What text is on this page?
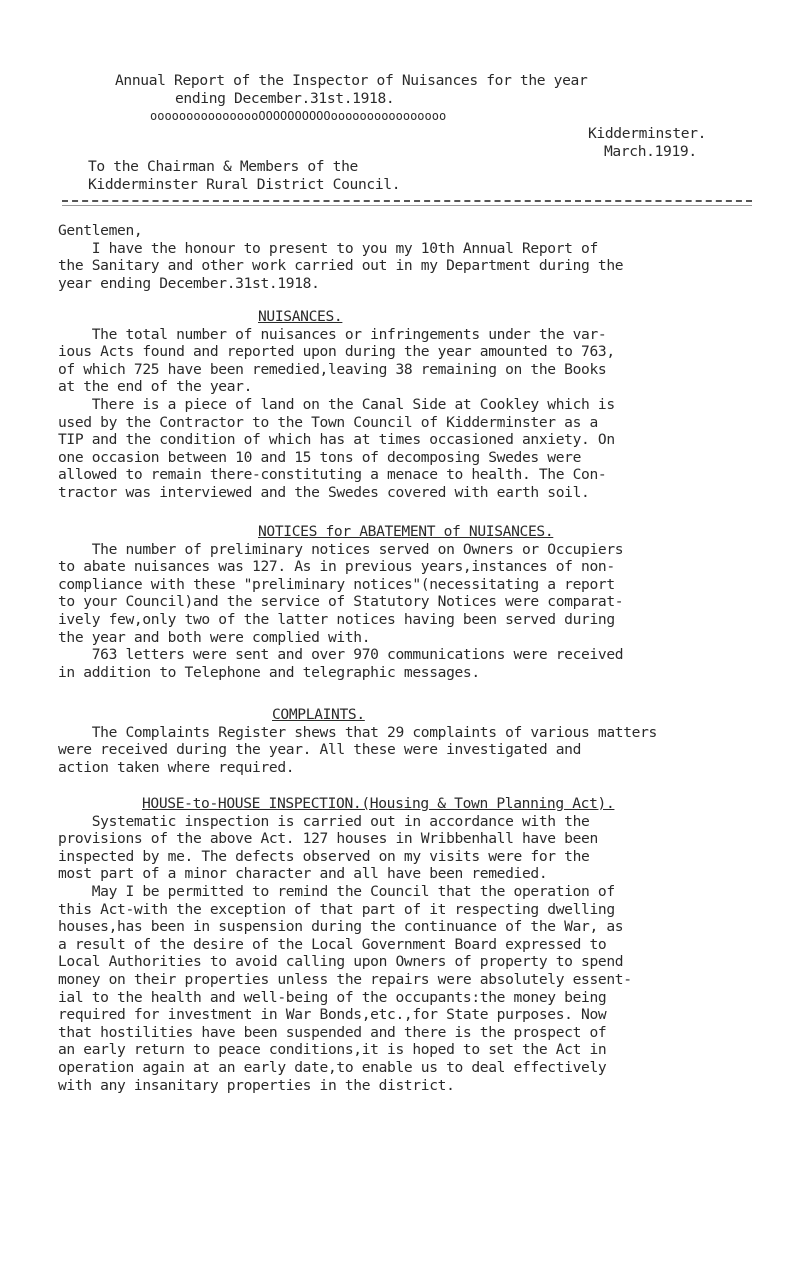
Annual Report of the Inspector of Nuisances for the year
ending December.31st.1918.
oooooooooooooooOOOOOOOOOOoooooooooooooooo
Kidderminster.
March.1919.
To the Chairman & Members of the
Kidderminster Rural District Council.

Gentlemen,

I have the honour to present to you my 10th Annual Report of

the Sanitary and other work carried out in my Department during the

year ending December.31st.1918.

NUISANCES.

The total number of nuisances or infringements under the var-

ious Acts found and reported upon during the year amounted to 763,

of which 725 have been remedied,leaving 38 remaining on the Books

at the end of the year.

There is a piece of land on the Canal Side at Cookley which is

used by the Contractor to the Town Council of Kidderminster as a

TIP and the condition of which has at times occasioned anxiety. On

one occasion between 10 and 15 tons of decomposing Swedes were

allowed to remain there-constituting a menace to health. The Con-

tractor was interviewed and the Swedes covered with earth soil.

NOTICES for ABATEMENT of NUISANCES.

The number of preliminary notices served on Owners or Occupiers

to abate nuisances was 127. As in previous years,instances of non-

compliance with these "preliminary notices"(necessitating a report

to your Council)and the service of Statutory Notices were comparat-

ively few,only two of the latter notices having been served during

the year and both were complied with.

763 letters were sent and over 970 communications were received

in addition to Telephone and telegraphic messages.

COMPLAINTS.

The Complaints Register shews that 29 complaints of various matters

were received during the year. All these were investigated and

action taken where required.

HOUSE-to-HOUSE INSPECTION.(Housing & Town Planning Act).

Systematic inspection is carried out in accordance with the

provisions of the above Act. 127 houses in Wribbenhall have been

inspected by me. The defects observed on my visits were for the

most part of a minor character and all have been remedied.

May I be permitted to remind the Council that the operation of

this Act-with the exception of that part of it respecting dwelling

houses,has been in suspension during the continuance of the War, as

a result of the desire of the Local Government Board expressed to

Local Authorities to avoid calling upon Owners of property to spend

money on their properties unless the repairs were absolutely essent-

ial to the health and well-being of the occupants:the money being

required for investment in War Bonds,etc.,for State purposes. Now

that hostilities have been suspended and there is the prospect of

an early return to peace conditions,it is hoped to set the Act in

operation again at an early date,to enable us to deal effectively

with any insanitary properties in the district.
